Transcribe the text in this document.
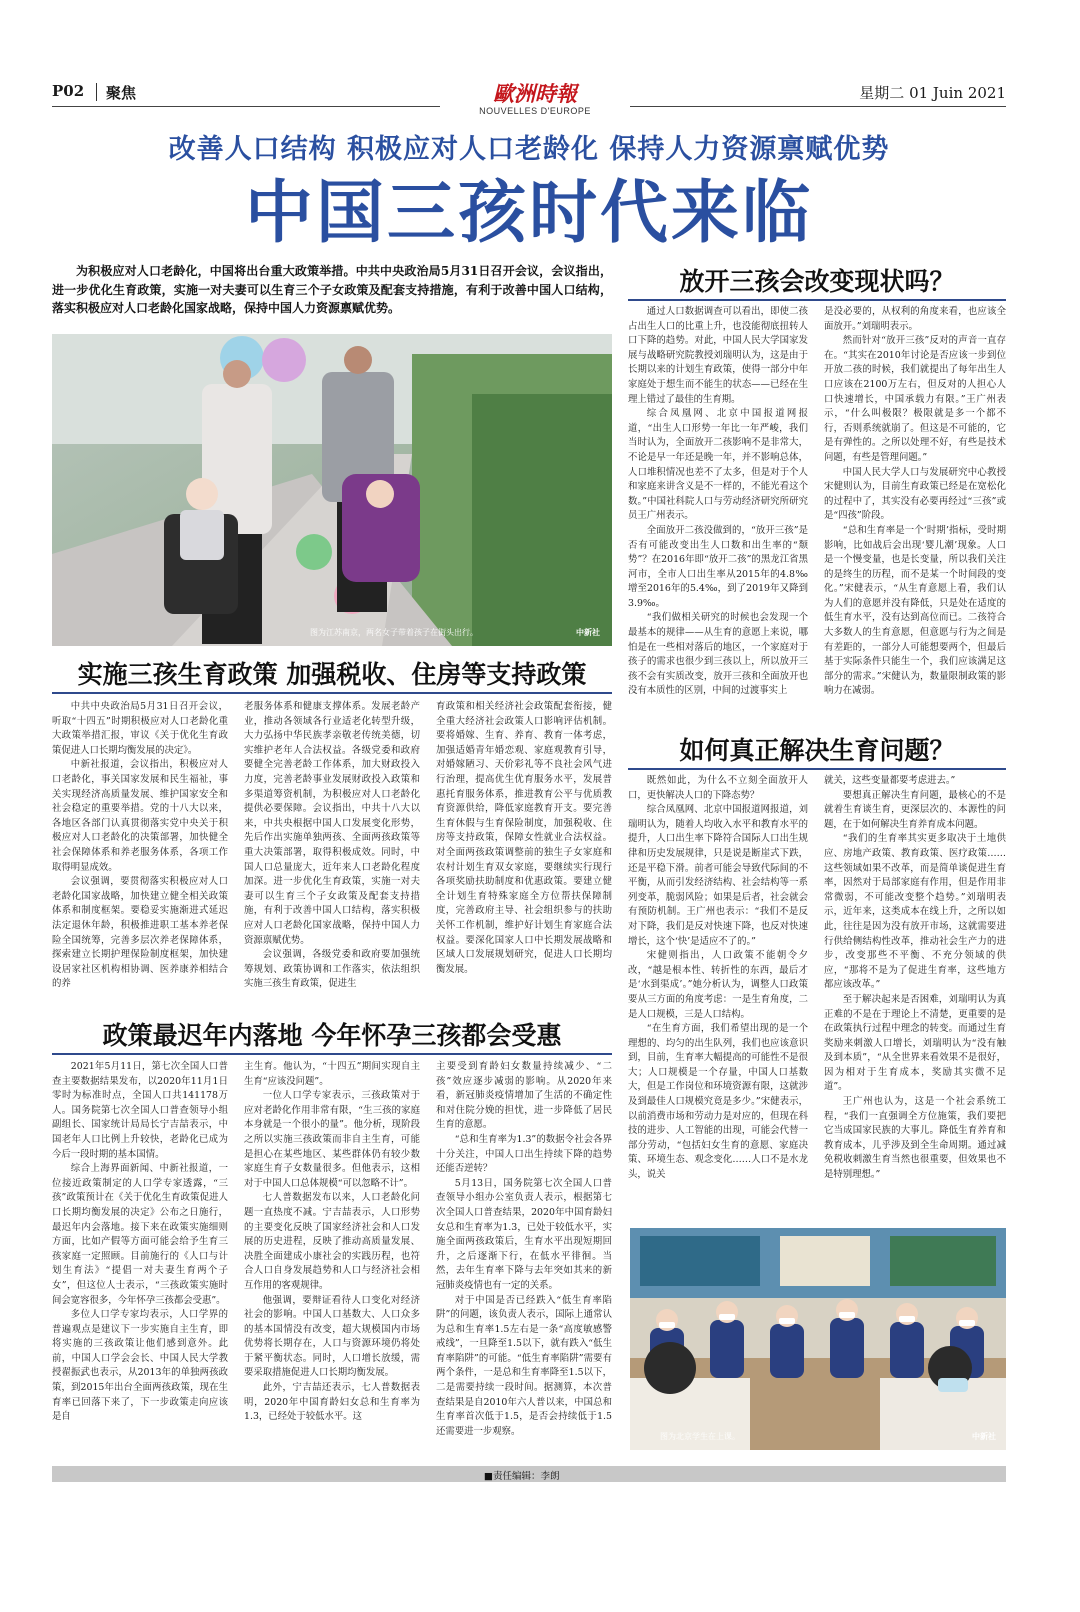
P02 聚焦	星期二 01 Juin 2021
歐洲時報
NOUVELLES D'EUROPE
改善人口结构 积极应对人口老龄化 保持人力资源禀赋优势
中国三孩时代来临
为积极应对人口老龄化，中国将出台重大政策举措。中共中央政治局5月31日召开会议，会议指出，进一步优化生育政策，实施一对夫妻可以生育三个子女政策及配套支持措施，有利于改善中国人口结构，落实积极应对人口老龄化国家战略，保持中国人力资源禀赋优势。
图为江苏南京，两名女子带着孩子在街头出行。	中新社
实施三孩生育政策 加强税收、住房等支持政策

中共中央政治局5月31日召开会议，听取“十四五”时期积极应对人口老龄化重大政策举措汇报，审议《关于优化生育政策促进人口长期均衡发展的决定》。

中新社报道，会议指出，积极应对人口老龄化，事关国家发展和民生福祉，事关实现经济高质量发展、维护国家安全和社会稳定的重要举措。党的十八大以来，各地区各部门认真贯彻落实党中央关于积极应对人口老龄化的决策部署，加快健全社会保障体系和养老服务体系，各项工作取得明显成效。

会议强调，要贯彻落实积极应对人口老龄化国家战略，加快建立健全相关政策体系和制度框架。要稳妥实施渐进式延迟法定退休年龄，积极推进职工基本养老保险全国统筹，完善多层次养老保障体系，探索建立长期护理保险制度框架，加快建设居家社区机构相协调、医养康养相结合的养

老服务体系和健康支撑体系。发展老龄产业，推动各领域各行业适老化转型升级，大力弘扬中华民族孝亲敬老传统美德，切实维护老年人合法权益。各级党委和政府要健全完善老龄工作体系，加大财政投入力度，完善老龄事业发展财政投入政策和多渠道筹资机制，为积极应对人口老龄化提供必要保障。会议指出，中共十八大以来，中共央根据中国人口发展变化形势，先后作出实施单独两孩、全面两孩政策等重大决策部署，取得积极成效。同时，中国人口总量庞大，近年来人口老龄化程度加深。进一步优化生育政策，实施一对夫妻可以生育三个子女政策及配套支持措施，有利于改善中国人口结构，落实积极应对人口老龄化国家战略，保持中国人力资源禀赋优势。

会议强调，各级党委和政府要加强统筹规划、政策协调和工作落实，依法组织实施三孩生育政策，促进生

育政策和相关经济社会政策配套衔接，健全重大经济社会政策人口影响评估机制。要将婚嫁、生育、养育、教育一体考虑，加强适婚青年婚恋观、家庭观教育引导，对婚嫁陋习、天价彩礼等不良社会风气进行治理，提高优生优育服务水平，发展普惠托育服务体系，推进教育公平与优质教育资源供给，降低家庭教育开支。要完善生育休假与生育保险制度，加强税收、住房等支持政策，保障女性就业合法权益。对全面两孩政策调整前的独生子女家庭和农村计划生育双女家庭，要继续实行现行各项奖励扶助制度和优惠政策。要建立健全计划生育特殊家庭全方位帮扶保障制度，完善政府主导、社会组织参与的扶助关怀工作机制，维护好计划生育家庭合法权益。要深化国家人口中长期发展战略和区域人口发展规划研究，促进人口长期均衡发展。

政策最迟年内落地 今年怀孕三孩都会受惠

2021年5月11日，第七次全国人口普查主要数据结果发布，以2020年11月1日零时为标准时点，全国人口共141178万人。国务院第七次全国人口普查领导小组副组长、国家统计局局长宁吉喆表示，中国老年人口比例上升较快，老龄化已成为今后一段时期的基本国情。

综合上海界面新闻、中新社报道，一位接近政策制定的人口学专家透露，“三孩”政策预计在《关于优化生育政策促进人口长期均衡发展的决定》公布之日施行，最迟年内会落地。接下来在政策实施细则方面，比如产假等方面可能会给予生育三孩家庭一定照顾。目前施行的《人口与计划生育法》“提倡一对夫妻生育两个子女”，但这位人士表示，“三孩政策实施时间会宽容很多，今年怀孕三孩都会受惠”。

多位人口学专家均表示，人口学界的普遍观点是建议下一步实施自主生育，即将实施的三孩政策让他们感到意外。此前，中国人口学会会长、中国人民大学教授翟振武也表示，从2013年的单独两孩政策，到2015年出台全面两孩政策，现在生育率已回落下来了，下一步政策走向应该是自

主生育。他认为，“十四五”期间实现自主生育“应该没问题”。

一位人口学专家表示，三孩政策对于应对老龄化作用非常有限，“生三孩的家庭本身就是一个很小的量”。他分析，现阶段之所以实施三孩政策而非自主生育，可能是担心在某些地区、某些群体仍有较少数家庭生育子女数量很多。但他表示，这相对于中国人口总体规模“可以忽略不计”。

七人普数据发布以来，人口老龄化问题一直热度不减。宁吉喆表示，人口形势的主要变化反映了国家经济社会和人口发展的历史进程，反映了推动高质量发展、决胜全面建成小康社会的实践历程，也符合人口自身发展趋势和人口与经济社会相互作用的客观规律。

他强调，要辩证看待人口变化对经济社会的影响。中国人口基数大、人口众多的基本国情没有改变，超大规模国内市场优势将长期存在，人口与资源环境仍将处于紧平衡状态。同时，人口增长放缓，需要采取措施促进人口长期均衡发展。

此外，宁吉喆还表示，七人普数据表明，2020年中国育龄妇女总和生育率为1.3，已经处于较低水平。这

主要受到育龄妇女数量持续减少、“二孩”效应逐步减弱的影响。从2020年来看，新冠肺炎疫情增加了生活的不确定性和对住院分娩的担忧，进一步降低了居民生育的意愿。

“总和生育率为1.3”的数据令社会各界十分关注，中国人口出生持续下降的趋势还能否逆转？

5月13日，国务院第七次全国人口普查领导小组办公室负责人表示，根据第七次全国人口普查结果，2020年中国育龄妇女总和生育率为1.3，已处于较低水平，实施全面两孩政策后，生育水平出现短期回升，之后逐渐下行，在低水平徘徊。当然，去年生育率下降与去年突如其来的新冠肺炎疫情也有一定的关系。

对于中国是否已经跌入“低生育率陷阱”的问题，该负责人表示，国际上通常认为总和生育率1.5左右是一条“高度敏感警戒线”，一旦降至1.5以下，就有跌入“低生育率陷阱”的可能。“低生育率陷阱”需要有两个条件，一是总和生育率降至1.5以下，二是需要持续一段时间。据测算，本次普查结果是自2010年六人普以来，中国总和生育率首次低于1.5，是否会持续低于1.5还需要进一步观察。

放开三孩会改变现状吗？

通过人口数据调查可以看出，即使二孩占出生人口的比重上升，也没能彻底扭转人口下降的趋势。对此，中国人民大学国家发展与战略研究院教授刘瑞明认为，这是由于长期以来的计划生育政策，使得一部分中年家庭处于想生而不能生的状态——已经在生理上错过了最佳的生育期。

综合凤凰网、北京中国报道网报道，“出生人口形势一年比一年严峻，我们当时认为，全面放开二孩影响不是非常大，不论是早一年还是晚一年，并不影响总体，人口堆积情况也差不了太多，但是对于个人和家庭来讲含义是不一样的，不能光看这个数。”中国社科院人口与劳动经济研究所研究员王广州表示。

全面放开二孩没做到的，“放开三孩”是否有可能改变出生人口数和出生率的“颓势”？在2016年即“放开二孩”的黑龙江省黑河市，全市人口出生率从2015年的4.8‰增至2016年的5.4‰，到了2019年又降到3.9‰。

“我们做相关研究的时候也会发现一个最基本的规律——从生育的意愿上来说，哪怕是在一些相对落后的地区，一个家庭对于孩子的需求也很少到三孩以上，所以放开三孩不会有实质改变，放开三孩和全面放开也没有本质性的区别，中间的过渡事实上

是没必要的，从权利的角度来看，也应该全面放开。”刘瑞明表示。

然而针对“放开三孩”反对的声音一直存在。“其实在2010年讨论是否应该一步到位开放二孩的时候，我们就提出了每年出生人口应该在2100万左右，但反对的人担心人口快速增长，中国承载力有限。”王广州表示，“什么叫极限？极限就是多一个都不行，否则系统就崩了。但这是不可能的，它是有弹性的。之所以处理不好，有些是技术问题，有些是管理问题。”

中国人民大学人口与发展研究中心教授宋健则认为，目前生育政策已经是在宽松化的过程中了，其实没有必要再经过“三孩”或是“四孩”阶段。

“总和生育率是一个‘时期’指标，受时期影响，比如战后会出现‘婴儿潮’现象。人口是一个慢变量，也是长变量，所以我们关注的是终生的历程，而不是某一个时间段的变化。”宋健表示，“从生育意愿上看，我们认为人们的意愿并没有降低，只是处在适度的低生育水平，没有达到高位而已。二孩符合大多数人的生育意愿，但意愿与行为之间是有差距的，一部分人可能想要两个，但最后基于实际条件只能生一个，我们应该满足这部分的需求。”宋健认为，数量限制政策的影响力在减弱。

如何真正解决生育问题？

既然如此，为什么不立刻全面放开人口，更快解决人口的下降态势？

综合凤凰网、北京中国报道网报道，刘瑞明认为，随着人均收入水平和教育水平的提升，人口出生率下降符合国际人口出生规律和历史发展规律，只是说是断崖式下跌，还是平稳下滑。前者可能会导致代际间的不平衡，从而引发经济结构、社会结构等一系列变革，脆弱风险；如果是后者，社会就会有预防机制。王广州也表示：“我们不是反对下降，我们是反对快速下降，也反对快速增长，这个‘快’是适应不了的。”

宋健则指出，人口政策不能朝令夕改，“越是根本性、转折性的东西，最后才是‘水到渠成’。”她分析认为，调整人口政策要从三方面的角度考虑：一是生育角度，二是人口规模，三是人口结构。

“在生育方面，我们希望出现的是一个理想的、均匀的出生队列，我们也应该意识到，目前，生育率大幅提高的可能性不是很大；人口规模是一个存量，中国人口基数大，但是工作岗位和环境资源有限，这就涉及到最佳人口规模究竟是多少。”宋健表示，以前消费市场和劳动力是对应的，但现在科技的进步、人工智能的出现，可能会代替一部分劳动，“包括妇女生育的意愿、家庭决策、环境生态、观念变化……人口不是水龙头，说关

就关，这些变量都要考虑进去。”

要想真正解决生育问题，最核心的不是就着生育谈生育，更深层次的、本源性的问题，在于如何解决生育养育成本问题。

“我们的生育率其实更多取决于土地供应、房地产政策、教育政策、医疗政策……这些领域如果不改革，而是简单谈促进生育率，因然对于局部家庭有作用，但是作用非常微弱，不可能改变整个趋势。”刘瑞明表示，近年来，这类成本在线上升，之所以如此，往往是因为没有放开市场，这就需要进行供给侧结构性改革，推动社会生产力的进步，改变那些不平衡、不充分领域的供应，“那将不是为了促进生育率，这些地方都应该改革。”

至于解决起来是否困难，刘瑞明认为真正难的不是在于理论上不清楚，更重要的是在政策执行过程中理念的转变。而通过生育奖励来刺激人口增长，刘瑞明认为“没有触及到本质”，“从全世界来看效果不是很好，因为相对于生育成本，奖励其实微不足道”。

王广州也认为，这是一个社会系统工程，“我们一直强调全方位施策，我们要把它当成国家民族的大事儿。降低生育养育和教育成本，儿乎涉及到全生命周期。通过减免税收刺激生育当然也很重要，但效果也不是特别理想。”

图为北京学生在上课。	中新社
■责任编辑：李朗
